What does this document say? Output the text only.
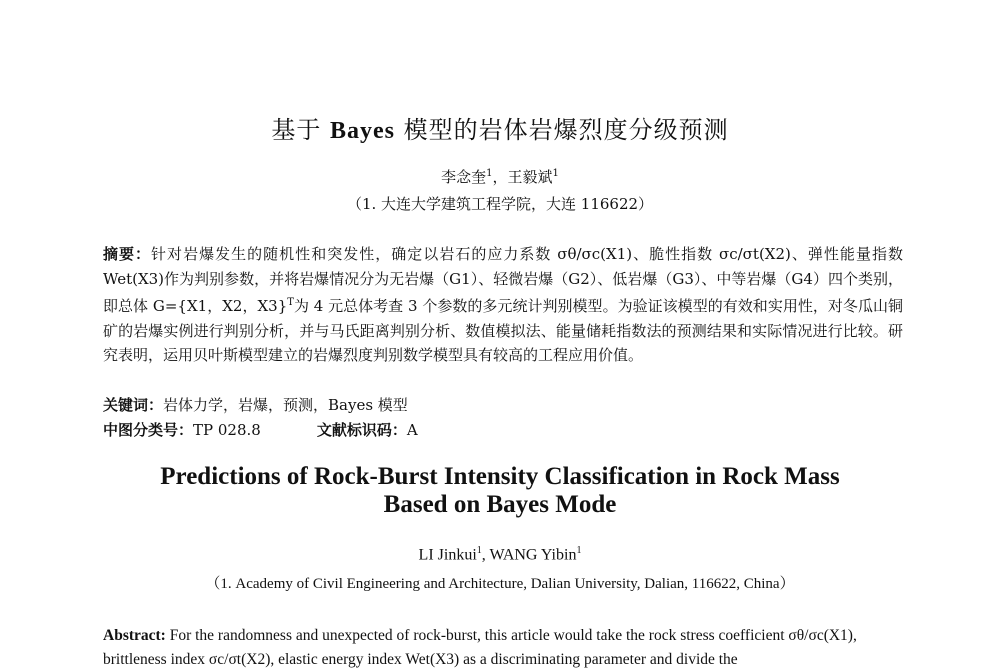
基于 Bayes 模型的岩体岩爆烈度分级预测
李念奎$^1$，王毅斌$^1$
（1. 大连大学建筑工程学院，大连 116622）
摘要：针对岩爆发生的随机性和突发性，确定以岩石的应力系数 σθ/σc(X1)、脆性指数 σc/σt(X2)、弹性能量指数 Wet(X3)作为判别参数，并将岩爆情况分为无岩爆（G1）、轻微岩爆（G2）、低岩爆（G3）、中等岩爆（G4）四个类别，即总体 G={X1，X2，X3}$^T$为 4 元总体考查 3 个参数的多元统计判别模型。为验证该模型的有效和实用性，对冬瓜山铜矿的岩爆实例进行判别分析，并与马氏距离判别分析、数值模拟法、能量储耗指数法的预测结果和实际情况进行比较。研究表明，运用贝叶斯模型建立的岩爆烈度判别数学模型具有较高的工程应用价值。
关键词：岩体力学，岩爆，预测，Bayes 模型
中图分类号：TP 028.8	文献标识码：A
Predictions of Rock-Burst Intensity Classification in Rock Mass
Based on Bayes Mode
LI Jinkui$^1$, WANG Yibin$^1$
（1. Academy of Civil Engineering and Architecture, Dalian University, Dalian, 116622, China）
Abstract: For the randomness and unexpected of rock-burst, this article would take the rock stress coefficient σθ/σc(X1), brittleness index σc/σt(X2), elastic energy index Wet(X3) as a discriminating parameter and divide the
